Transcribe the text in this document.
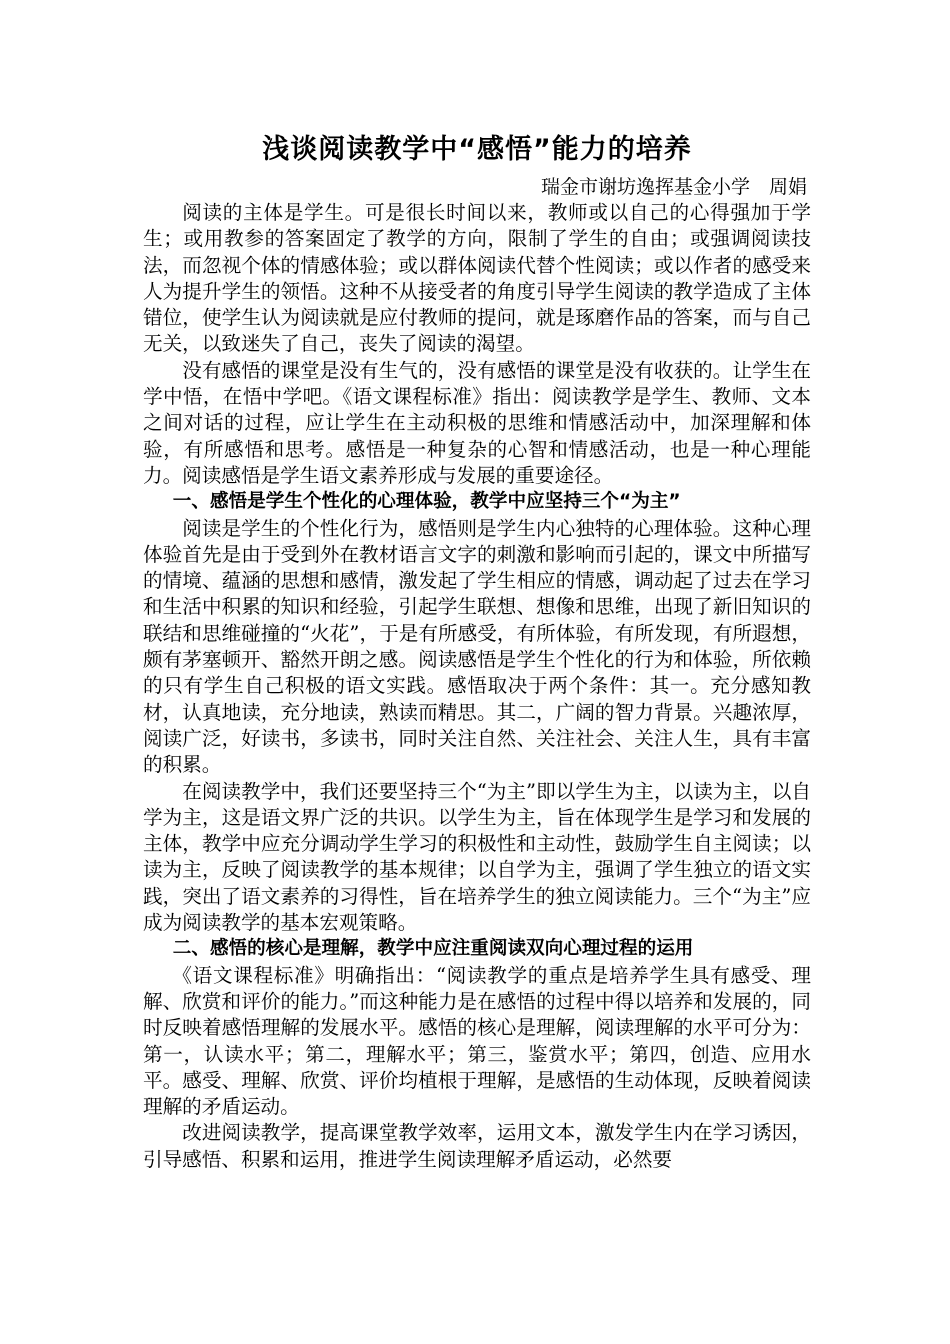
浅谈阅读教学中“感悟”能力的培养

瑞金市谢坊逸挥基金小学　周娟

阅读的主体是学生。可是很长时间以来，教师或以自己的心得强加于学生；或用教参的答案固定了教学的方向，限制了学生的自由；或强调阅读技法，而忽视个体的情感体验；或以群体阅读代替个性阅读；或以作者的感受来人为提升学生的领悟。这种不从接受者的角度引导学生阅读的教学造成了主体错位，使学生认为阅读就是应付教师的提问，就是琢磨作品的答案，而与自己无关，以致迷失了自己，丧失了阅读的渴望。

没有感悟的课堂是没有生气的，没有感悟的课堂是没有收获的。让学生在学中悟，在悟中学吧。《语文课程标准》指出：阅读教学是学生、教师、文本之间对话的过程，应让学生在主动积极的思维和情感活动中，加深理解和体验，有所感悟和思考。感悟是一种复杂的心智和情感活动，也是一种心理能力。阅读感悟是学生语文素养形成与发展的重要途径。

一、感悟是学生个性化的心理体验，教学中应坚持三个“为主”

阅读是学生的个性化行为，感悟则是学生内心独特的心理体验。这种心理体验首先是由于受到外在教材语言文字的刺激和影响而引起的，课文中所描写的情境、蕴涵的思想和感情，激发起了学生相应的情感，调动起了过去在学习和生活中积累的知识和经验，引起学生联想、想像和思维，出现了新旧知识的联结和思维碰撞的“火花”，于是有所感受，有所体验，有所发现，有所遐想，颇有茅塞顿开、豁然开朗之感。阅读感悟是学生个性化的行为和体验，所依赖的只有学生自己积极的语文实践。感悟取决于两个条件：其一。充分感知教材，认真地读，充分地读，熟读而精思。其二，广阔的智力背景。兴趣浓厚，阅读广泛，好读书，多读书，同时关注自然、关注社会、关注人生，具有丰富的积累。

在阅读教学中，我们还要坚持三个“为主”即以学生为主，以读为主，以自学为主，这是语文界广泛的共识。以学生为主，旨在体现学生是学习和发展的主体，教学中应充分调动学生学习的积极性和主动性，鼓励学生自主阅读；以读为主，反映了阅读教学的基本规律；以自学为主，强调了学生独立的语文实践，突出了语文素养的习得性，旨在培养学生的独立阅读能力。三个“为主”应成为阅读教学的基本宏观策略。

二、感悟的核心是理解，教学中应注重阅读双向心理过程的运用

《语文课程标准》明确指出：“阅读教学的重点是培养学生具有感受、理解、欣赏和评价的能力。”而这种能力是在感悟的过程中得以培养和发展的，同时反映着感悟理解的发展水平。感悟的核心是理解，阅读理解的水平可分为：第一，认读水平；第二，理解水平；第三，鉴赏水平；第四，创造、应用水平。感受、理解、欣赏、评价均植根于理解，是感悟的生动体现，反映着阅读理解的矛盾运动。

改进阅读教学，提高课堂教学效率，运用文本，激发学生内在学习诱因，引导感悟、积累和运用，推进学生阅读理解矛盾运动，必然要
